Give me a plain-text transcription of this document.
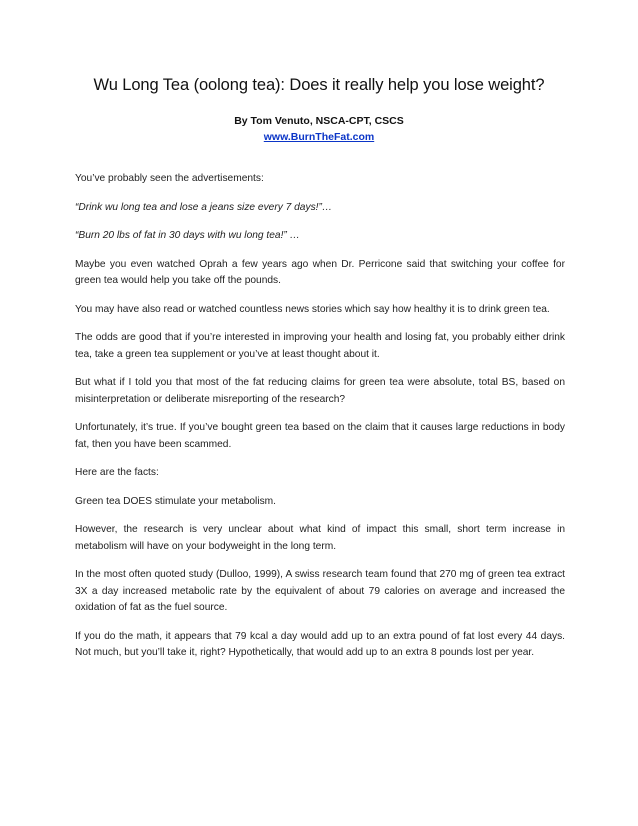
Wu Long Tea (oolong tea): Does it really help you lose weight?
By Tom Venuto, NSCA-CPT, CSCS
www.BurnTheFat.com

You’ve probably seen the advertisements:

“Drink wu long tea and lose a jeans size every 7 days!”…

“Burn 20 lbs of fat in 30 days with wu long tea!” …

Maybe you even watched Oprah a few years ago when Dr. Perricone said that switching your coffee for green tea would help you take off the pounds.

You may have also read or watched countless news stories which say how healthy it is to drink green tea.

The odds are good that if you’re interested in improving your health and losing fat, you probably either drink tea, take a green tea supplement or you’ve at least thought about it.

But what if I told you that most of the fat reducing claims for green tea were absolute, total BS, based on misinterpretation or deliberate misreporting of the research?

Unfortunately, it’s true. If you’ve bought green tea based on the claim that it causes large reductions in body fat, then you have been scammed.

Here are the facts:

Green tea DOES stimulate your metabolism.

However, the research is very unclear about what kind of impact this small, short term increase in metabolism will have on your bodyweight in the long term.

In the most often quoted study (Dulloo, 1999), A swiss research team found that 270 mg of green tea extract 3X a day increased metabolic rate by the equivalent of about 79 calories on average and increased the oxidation of fat as the fuel source.

If you do the math, it appears that 79 kcal a day would add up to an extra pound of fat lost every 44 days. Not much, but you’ll take it, right? Hypothetically, that would add up to an extra 8 pounds lost per year.
